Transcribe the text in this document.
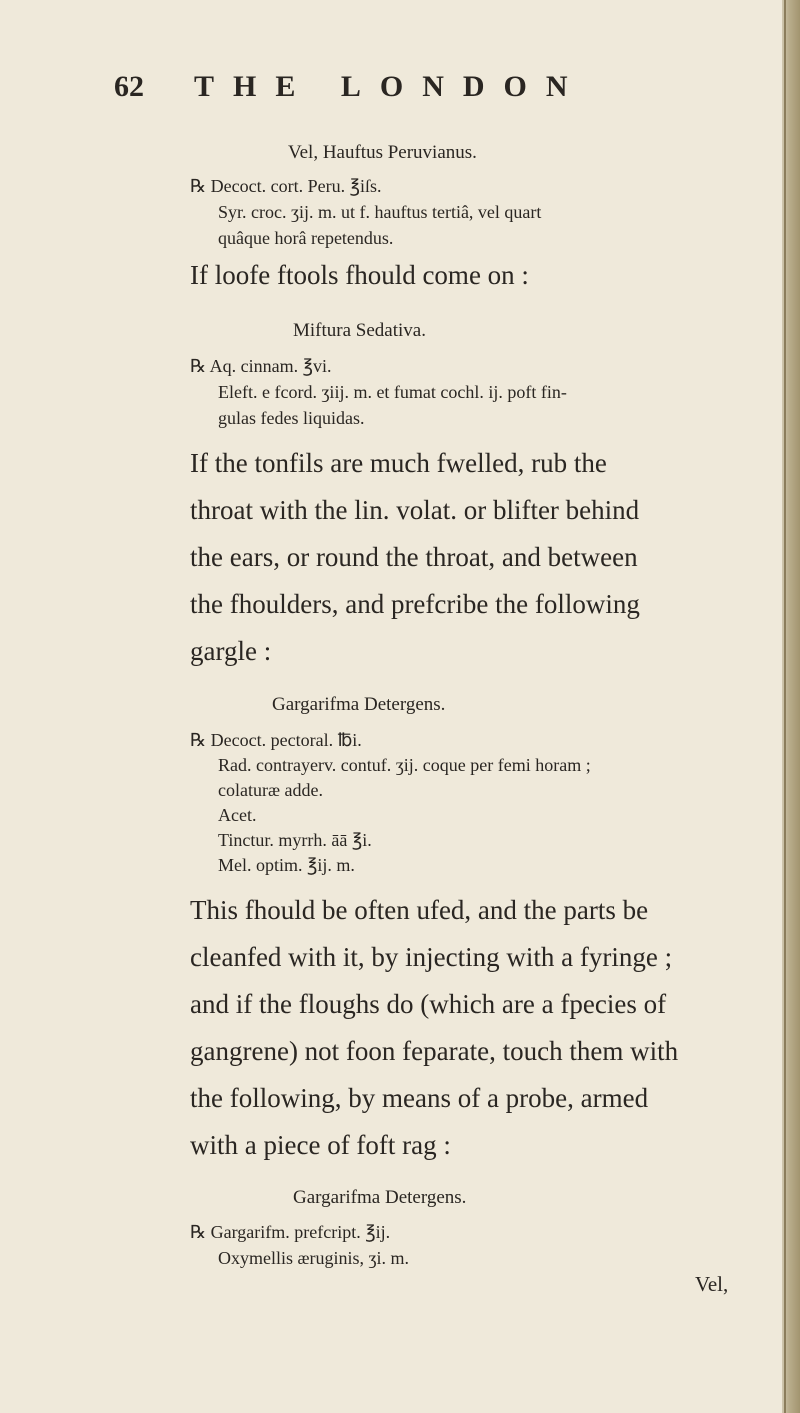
62 THE LONDON
Vel, Hauftus Peruvianus.
℞ Decoct. cort. Peru. ℥iſs.
Syr. croc. ʒij. m. ut f. hauftus tertiâ, vel quart
quâque horâ repetendus.
If loofe ftools fhould come on :
Miftura Sedativa.
℞ Aq. cinnam. ℥vi.
Eleft. e fcord. ʒiij. m. et fumat cochl. ij. poft fin-
gulas fedes liquidas.
If the tonfils are much fwelled, rub the
throat with the lin. volat. or blifter behind
the ears, or round the throat, and between
the fhoulders, and prefcribe the following
gargle :
Gargarifma Detergens.
℞ Decoct. pectoral. ℔i.
Rad. contrayerv. contuf. ʒij. coque per femi horam ;
colaturæ adde.
Acet.
Tinctur. myrrh. āā ℥i.
Mel. optim. ℥ij. m.
This fhould be often ufed, and the parts be
cleanfed with it, by injecting with a fyringe ;
and if the floughs do (which are a fpecies of
gangrene) not foon feparate, touch them with
the following, by means of a probe, armed
with a piece of foft rag :
Gargarifma Detergens.
℞ Gargarifm. prefcript. ℥ij.
Oxymellis æruginis, ʒi. m.
Vel,
